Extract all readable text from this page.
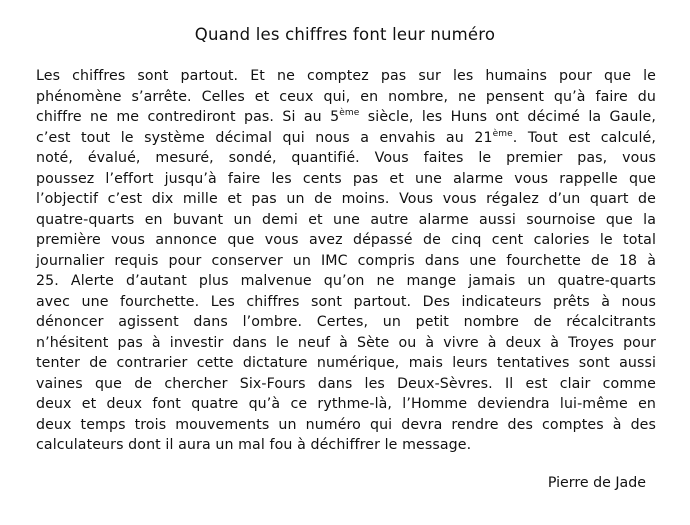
Quand les chiffres font leur numéro
Les chiffres sont partout. Et ne comptez pas sur les humains pour que le
phénomène s’arrête. Celles et ceux qui, en nombre, ne pensent qu’à faire du
chiffre ne me contrediront pas. Si au 5ème siècle, les Huns ont décimé la Gaule,
c’est tout le système décimal qui nous a envahis au 21ème. Tout est calculé,
noté, évalué, mesuré, sondé, quantifié. Vous faites le premier pas, vous
poussez l’effort jusqu’à faire les cents pas et une alarme vous rappelle que
l’objectif c’est dix mille et pas un de moins. Vous vous régalez d’un quart de
quatre-quarts en buvant un demi et une autre alarme aussi sournoise que la
première vous annonce que vous avez dépassé de cinq cent calories le total
journalier requis pour conserver un IMC compris dans une fourchette de 18 à
25. Alerte d’autant plus malvenue qu’on ne mange jamais un quatre-quarts
avec une fourchette. Les chiffres sont partout. Des indicateurs prêts à nous
dénoncer agissent dans l’ombre. Certes, un petit nombre de récalcitrants
n’hésitent pas à investir dans le neuf à Sète ou à vivre à deux à Troyes pour
tenter de contrarier cette dictature numérique, mais leurs tentatives sont aussi
vaines que de chercher Six-Fours dans les Deux-Sèvres. Il est clair comme
deux et deux font quatre qu’à ce rythme-là, l’Homme deviendra lui-même en
deux temps trois mouvements un numéro qui devra rendre des comptes à des
calculateurs dont il aura un mal fou à déchiffrer le message.
Pierre de Jade
